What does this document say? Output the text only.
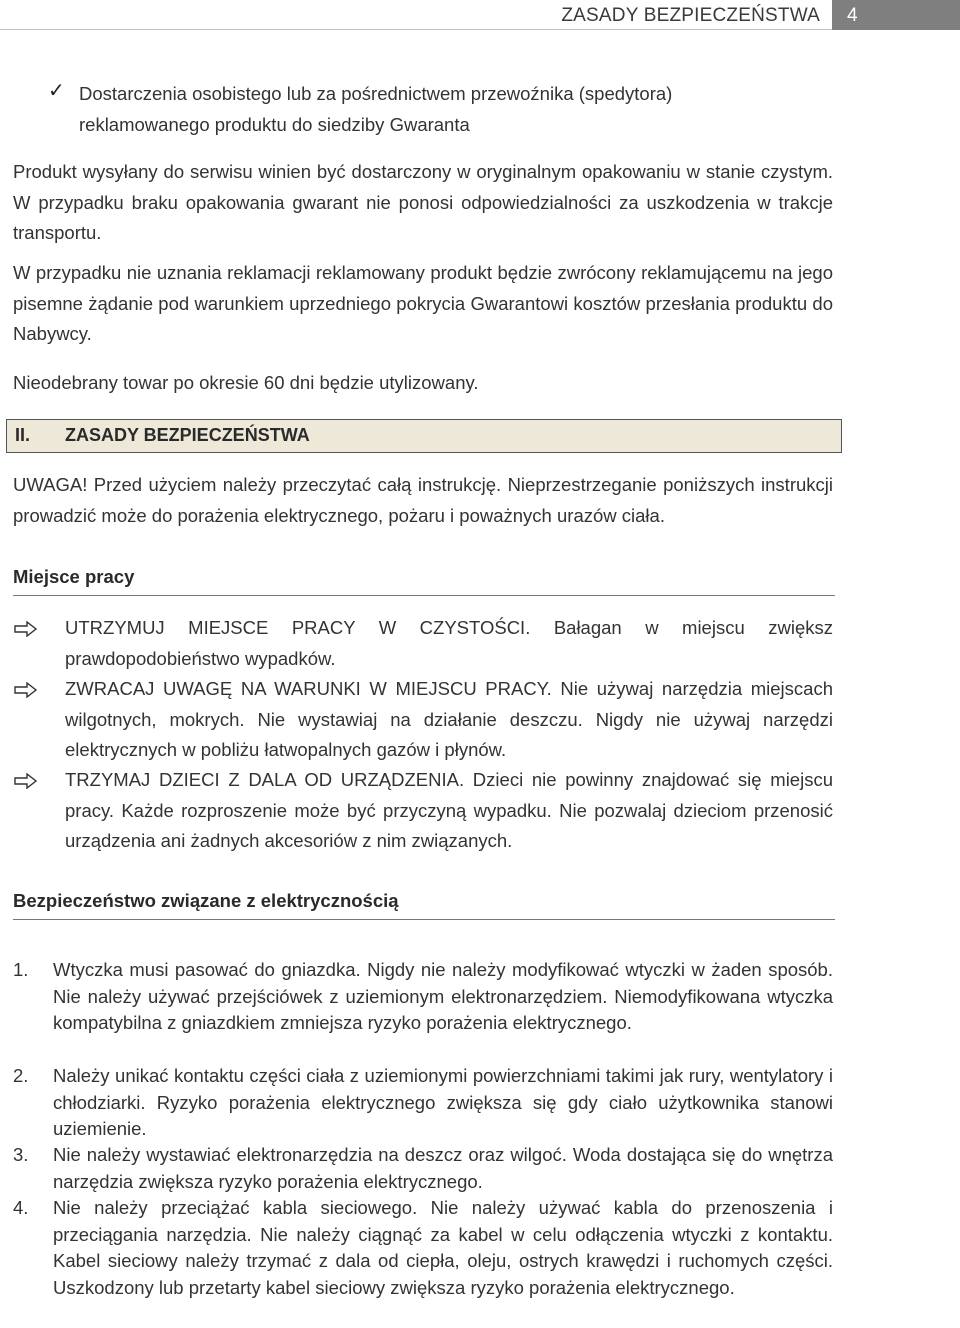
ZASADY BEZPIECZEŃSTWA	4
✓ Dostarczenia osobistego lub za pośrednictwem przewoźnika (spedytora) reklamowanego produktu do siedziby Gwaranta
Produkt wysyłany do serwisu winien być dostarczony w oryginalnym opakowaniu w stanie czystym. W przypadku braku opakowania gwarant nie ponosi odpowiedzialności za uszkodzenia w trakcje transportu.
W przypadku nie uznania reklamacji reklamowany produkt będzie zwrócony reklamującemu na jego pisemne żądanie pod warunkiem uprzedniego pokrycia Gwarantowi kosztów przesłania produktu do Nabywcy.
Nieodebrany towar po okresie 60 dni będzie utylizowany.
II. ZASADY BEZPIECZEŃSTWA
UWAGA! Przed użyciem należy przeczytać całą instrukcję. Nieprzestrzeganie poniższych instrukcji prowadzić może do porażenia elektrycznego, pożaru i poważnych urazów ciała.
Miejsce pracy
UTRZYMUJ MIEJSCE PRACY W CZYSTOŚCI. Bałagan w miejscu zwiększ prawdopodobieństwo wypadków.
ZWRACAJ UWAGĘ NA WARUNKI W MIEJSCU PRACY. Nie używaj narzędzia miejscach wilgotnych, mokrych. Nie wystawiaj na działanie deszczu. Nigdy nie używaj narzędzi elektrycznych w pobliżu łatwopalnych gazów i płynów.
TRZYMAJ DZIECI Z DALA OD URZĄDZENIA. Dzieci nie powinny znajdować się miejscu pracy. Każde rozproszenie może być przyczyną wypadku. Nie pozwalaj dzieciom przenosić urządzenia ani żadnych akcesoriów z nim związanych.
Bezpieczeństwo związane z elektrycznością
1. Wtyczka musi pasować do gniazdka. Nigdy nie należy modyfikować wtyczki w żaden sposób. Nie należy używać przejściówek z uziemionym elektronarzędziem. Niemodyfikowana wtyczka kompatybilna z gniazdkiem zmniejsza ryzyko porażenia elektrycznego.
2. Należy unikać kontaktu części ciała z uziemionymi powierzchniami takimi jak rury, wentylatory i chłodziarki. Ryzyko porażenia elektrycznego zwiększa się gdy ciało użytkownika stanowi uziemienie.
3. Nie należy wystawiać elektronarzędzia na deszcz oraz wilgoć. Woda dostająca się do wnętrza narzędzia zwiększa ryzyko porażenia elektrycznego.
4. Nie należy przeciążać kabla sieciowego. Nie należy używać kabla do przenoszenia i przeciągania narzędzia. Nie należy ciągnąć za kabel w celu odłączenia wtyczki z kontaktu. Kabel sieciowy należy trzymać z dala od ciepła, oleju, ostrych krawędzi i ruchomych części. Uszkodzony lub przetarty kabel sieciowy zwiększa ryzyko porażenia elektrycznego.
